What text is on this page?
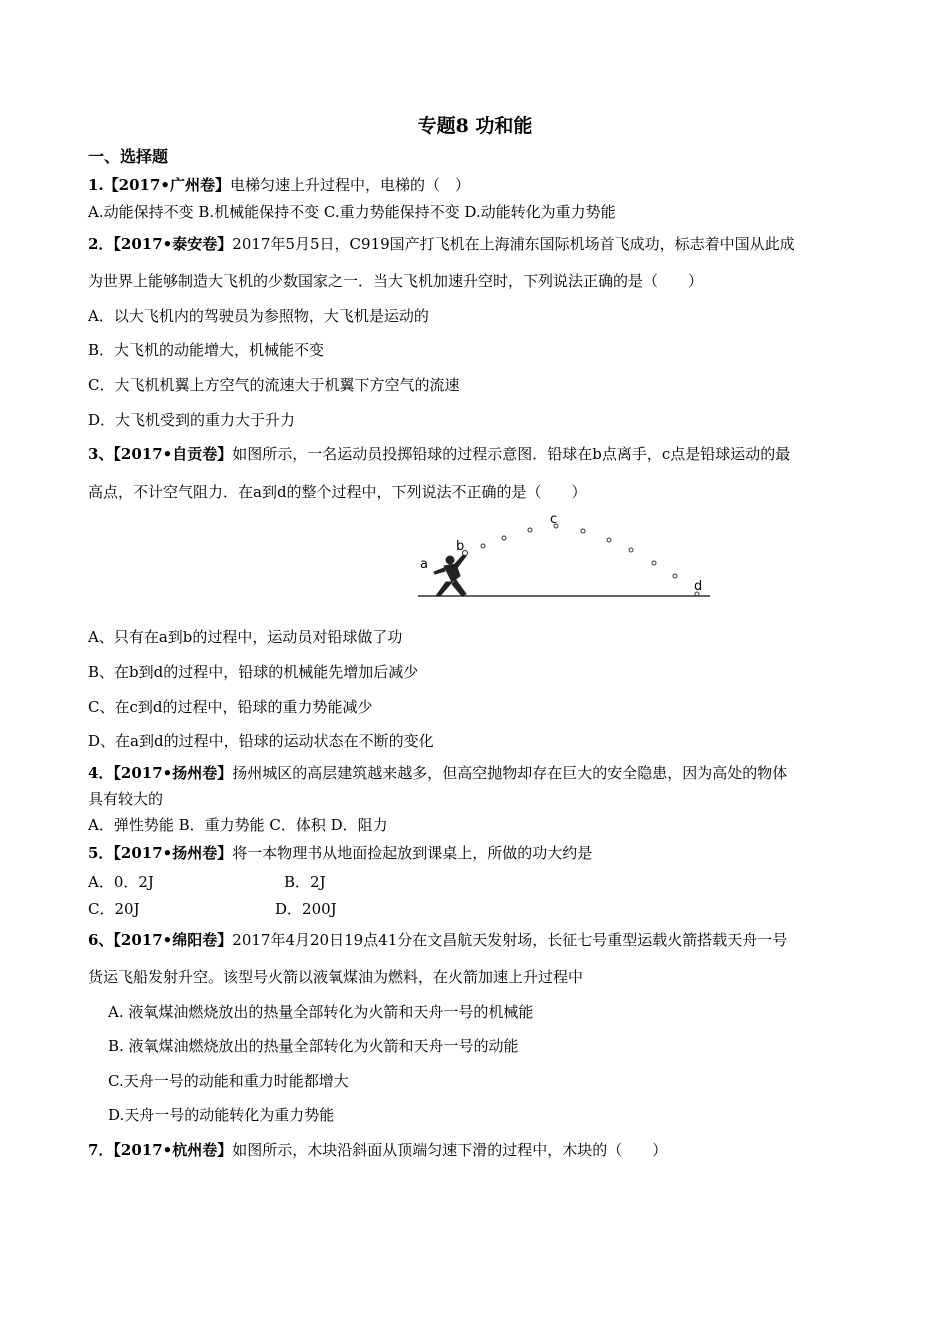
专题8 功和能
一、选择题
1.【2017•广州卷】电梯匀速上升过程中，电梯的（　）
A.动能保持不变 B.机械能保持不变 C.重力势能保持不变 D.动能转化为重力势能
2．【2017•泰安卷】2017年5月5日，C919国产打飞机在上海浦东国际机场首飞成功，标志着中国从此成
为世界上能够制造大飞机的少数国家之一．当大飞机加速升空时，下列说法正确的是（　　）
A．以大飞机内的驾驶员为参照物，大飞机是运动的
B．大飞机的动能增大，机械能不变
C．大飞机机翼上方空气的流速大于机翼下方空气的流速
D．大飞机受到的重力大于升力
3、【2017•自贡卷】如图所示，一名运动员投掷铅球的过程示意图．铅球在b点离手，c点是铅球运动的最
高点，不计空气阻力．在a到d的整个过程中，下列说法不正确的是（　　）
a
b
c
d
A、只有在a到b的过程中，运动员对铅球做了功
B、在b到d的过程中，铅球的机械能先增加后减少
C、在c到d的过程中，铅球的重力势能减少
D、在a到d的过程中，铅球的运动状态在不断的变化
4．【2017•扬州卷】扬州城区的高层建筑越来越多，但高空抛物却存在巨大的安全隐患，因为高处的物体
具有较大的
A．弹性势能 B．重力势能 C．体积 D．阻力
5．【2017•扬州卷】将一本物理书从地面捡起放到课桌上，所做的功大约是
A．0．2J	B．2J
C．20J	D．200J
6、【2017•绵阳卷】2017年4月20日19点41分在文昌航天发射场，长征七号重型运载火箭搭载天舟一号
货运飞船发射升空。该型号火箭以液氧煤油为燃料，在火箭加速上升过程中
A. 液氧煤油燃烧放出的热量全部转化为火箭和天舟一号的机械能
B. 液氧煤油燃烧放出的热量全部转化为火箭和天舟一号的动能
C.天舟一号的动能和重力时能都增大
D.天舟一号的动能转化为重力势能
7．【2017•杭州卷】如图所示，木块沿斜面从顶端匀速下滑的过程中，木块的（　　）
